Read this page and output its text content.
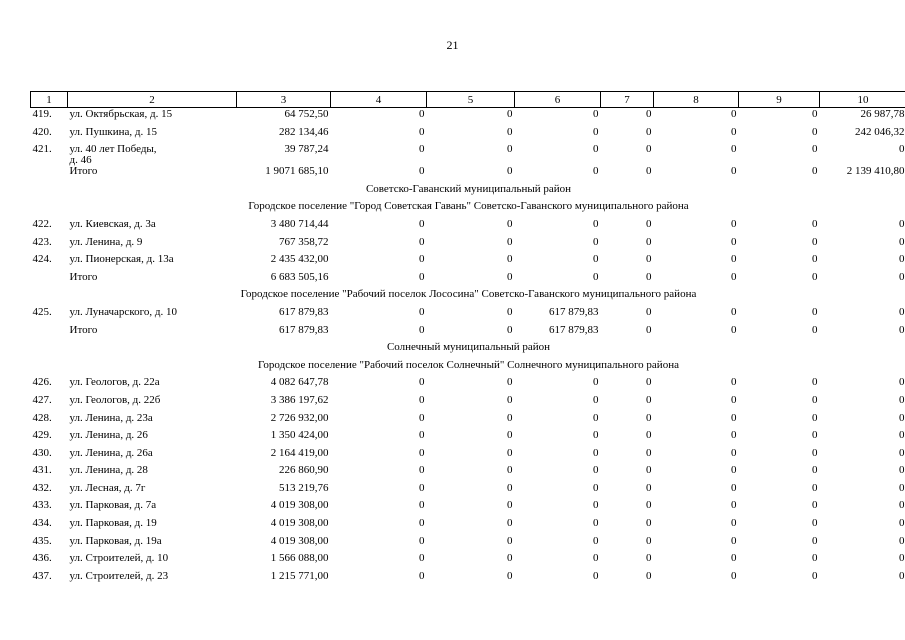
21
1	2	3	4	5	6	7	8	9	10
419.	ул. Октябрьская, д. 15	64 752,50	0	0	0	0	0	0	26 987,78
420.	ул. Пушкина, д. 15	282 134,46	0	0	0	0	0	0	242 046,32
421.	ул. 40 лет Победы,
д. 46	39 787,24	0	0	0	0	0	0	0
	Итого	1 9071 685,10	0	0	0	0	0	0	2 139 410,80
Советско-Гаванский муниципальный район									
Городское поселение "Город Советская Гавань" Советско-Гаванского муниципального района									
422.	ул. Киевская, д. 3а	3 480 714,44	0	0	0	0	0	0	0
423.	ул. Ленина, д. 9	767 358,72	0	0	0	0	0	0	0
424.	ул. Пионерская, д. 13а	2 435 432,00	0	0	0	0	0	0	0
	Итого	6 683 505,16	0	0	0	0	0	0	0
Городское поселение "Рабочий поселок Лососина" Советско-Гаванского муниципального района									
425.	ул. Луначарского, д. 10	617 879,83	0	0	617 879,83	0	0	0	0
	Итого	617 879,83	0	0	617 879,83	0	0	0	0
Солнечный муниципальный район									
Городское поселение "Рабочий поселок Солнечный" Солнечного муниципального района									
426.	ул. Геологов, д. 22а	4 082 647,78	0	0	0	0	0	0	0
427.	ул. Геологов, д. 22б	3 386 197,62	0	0	0	0	0	0	0
428.	ул. Ленина, д. 23а	2 726 932,00	0	0	0	0	0	0	0
429.	ул. Ленина, д. 26	1 350 424,00	0	0	0	0	0	0	0
430.	ул. Ленина, д. 26а	2 164 419,00	0	0	0	0	0	0	0
431.	ул. Ленина, д. 28	226 860,90	0	0	0	0	0	0	0
432.	ул. Лесная, д. 7г	513 219,76	0	0	0	0	0	0	0
433.	ул. Парковая, д. 7а	4 019 308,00	0	0	0	0	0	0	0
434.	ул. Парковая, д. 19	4 019 308,00	0	0	0	0	0	0	0
435.	ул. Парковая, д. 19а	4 019 308,00	0	0	0	0	0	0	0
436.	ул. Строителей, д. 10	1 566 088,00	0	0	0	0	0	0	0
437.	ул. Строителей, д. 23	1 215 771,00	0	0	0	0	0	0	0
